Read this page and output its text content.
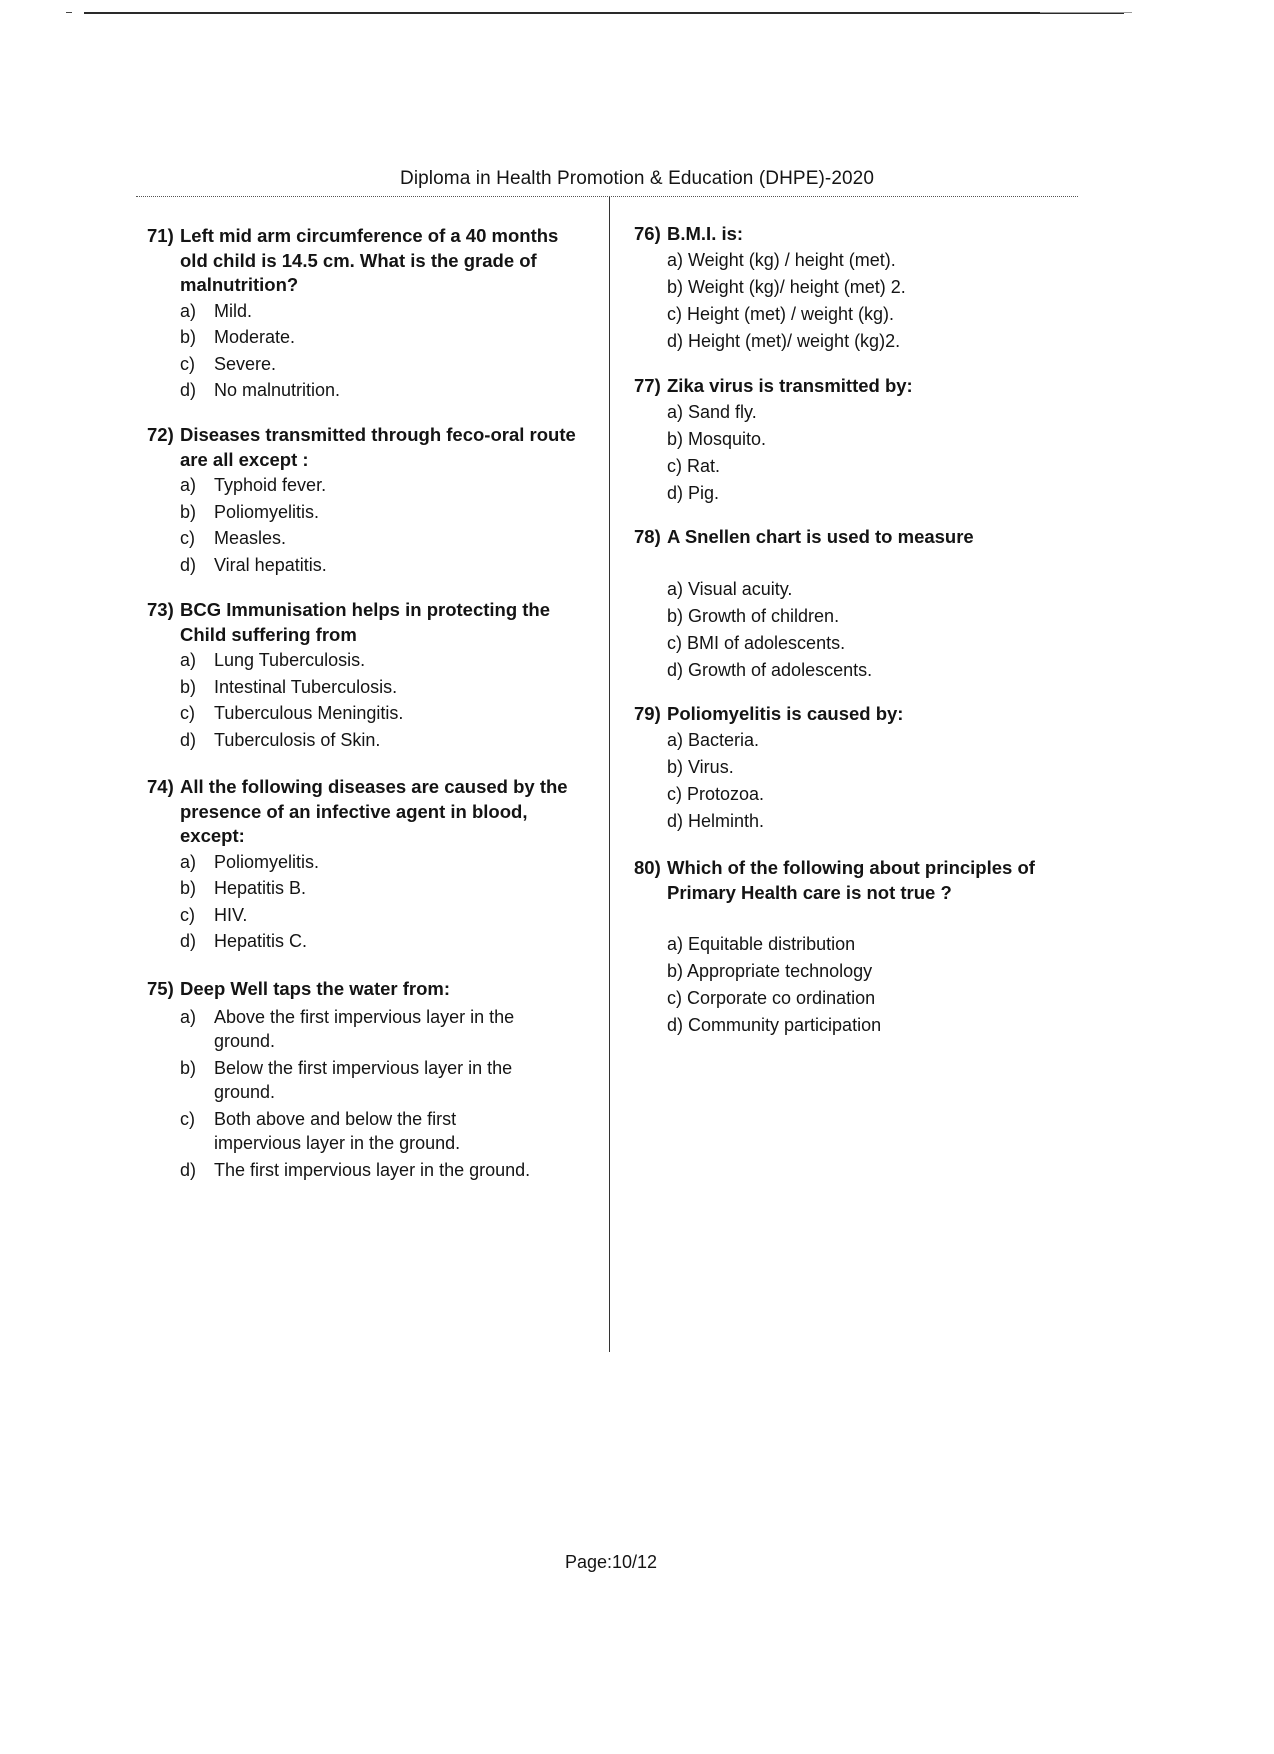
Diploma in Health Promotion & Education (DHPE)-2020
71) Left mid arm circumference of a 40 months old child is 14.5 cm. What is the grade of malnutrition?
a) Mild.
b) Moderate.
c) Severe.
d) No malnutrition.
72) Diseases transmitted through feco-oral route are all except :
a) Typhoid fever.
b) Poliomyelitis.
c) Measles.
d) Viral hepatitis.
73) BCG Immunisation helps in protecting the Child suffering from
a) Lung Tuberculosis.
b) Intestinal Tuberculosis.
c) Tuberculous Meningitis.
d) Tuberculosis of Skin.
74) All the following diseases are caused by the presence of an infective agent in blood, except:
a) Poliomyelitis.
b) Hepatitis B.
c) HIV.
d) Hepatitis C.
75) Deep Well taps the water from:
a) Above the first impervious layer in the ground.
b) Below the first impervious layer in the ground.
c) Both above and below the first impervious layer in the ground.
d) The first impervious layer in the ground.
76) B.M.I. is:
a) Weight (kg) / height (met).
b) Weight (kg)/ height (met) 2.
c) Height (met) / weight (kg).
d) Height (met)/ weight (kg)2.
77) Zika virus is transmitted by:
a) Sand fly.
b) Mosquito.
c) Rat.
d) Pig.
78) A Snellen chart is used to measure
a) Visual acuity.
b) Growth of children.
c) BMI of adolescents.
d) Growth of adolescents.
79) Poliomyelitis is caused by:
a) Bacteria.
b) Virus.
c) Protozoa.
d) Helminth.
80) Which of the following about principles of Primary Health care is not true ?
a) Equitable distribution
b) Appropriate technology
c) Corporate co ordination
d) Community participation
Page:10/12
